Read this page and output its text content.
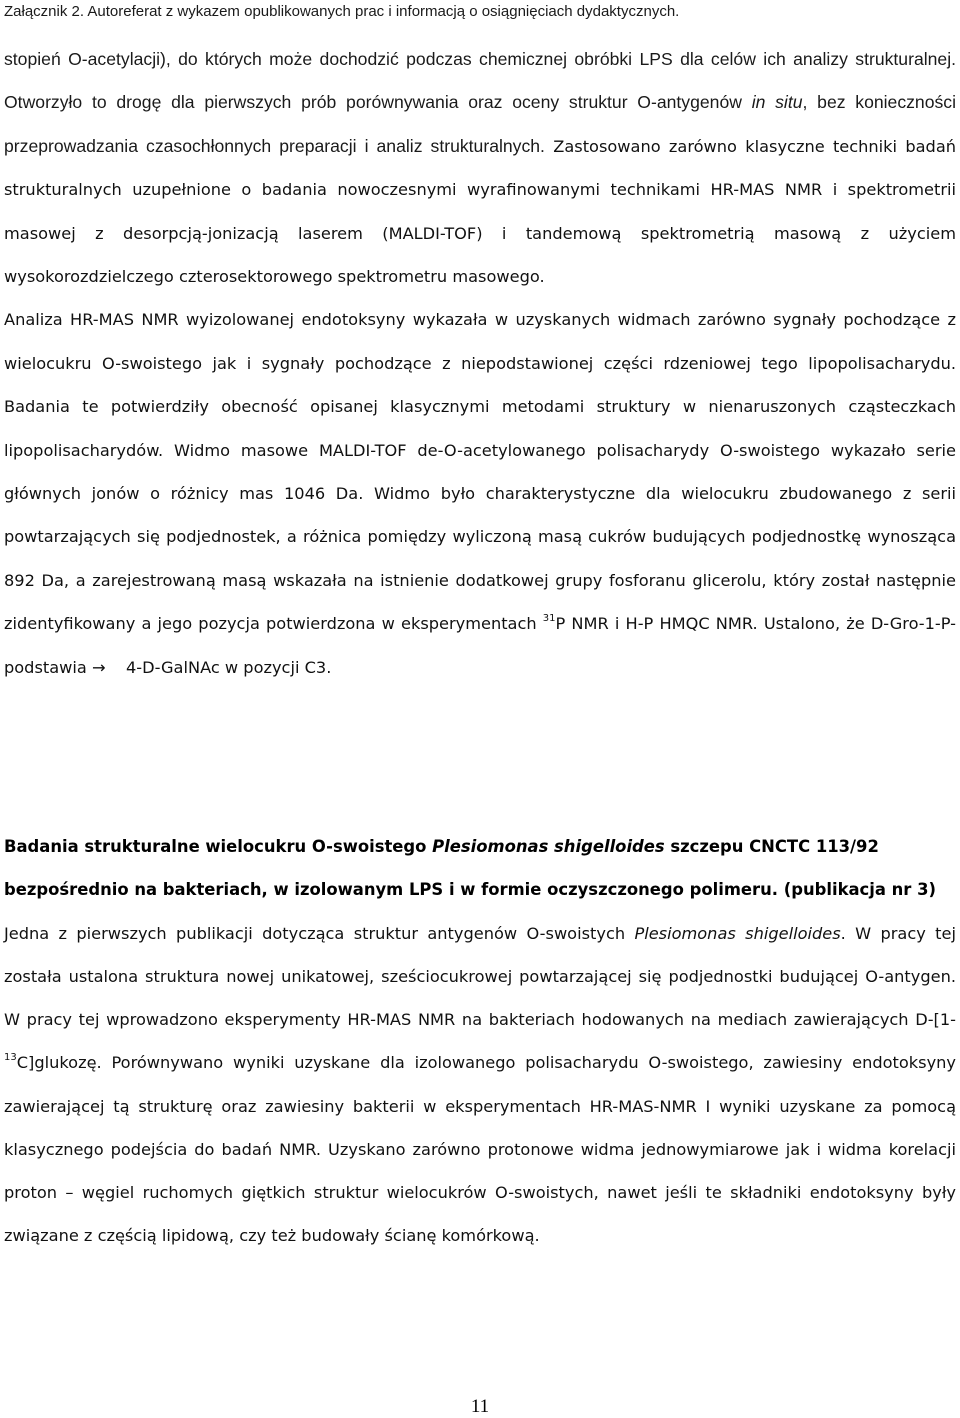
Załącznik 2. Autoreferat z wykazem opublikowanych prac i informacją o osiągnięciach dydaktycznych.

stopień O-acetylacji), do których może dochodzić podczas chemicznej obróbki LPS dla celów ich analizy strukturalnej. Otworzyło to drogę dla pierwszych prób porównywania oraz oceny struktur O-antygenów in situ, bez konieczności przeprowadzania czasochłonnych preparacji i analiz strukturalnych. Zastosowano zarówno klasyczne techniki badań strukturalnych uzupełnione o badania nowoczesnymi wyrafinowanymi technikami HR-MAS NMR i spektrometrii masowej z desorpcją-jonizacją laserem (MALDI-TOF) i tandemową spektrometrią masową z użyciem wysokorozdzielczego czterosektorowego spektrometru masowego.

Analiza HR-MAS NMR wyizolowanej endotoksyny wykazała w uzyskanych widmach zarówno sygnały pochodzące z wielocukru O-swoistego jak i sygnały pochodzące z niepodstawionej części rdzeniowej tego lipopolisacharydu. Badania te potwierdziły obecność opisanej klasycznymi metodami struktury w nienaruszonych cząsteczkach lipopolisacharydów. Widmo masowe MALDI-TOF de-O-acetylowanego polisacharydy O-swoistego wykazało serie głównych jonów o różnicy mas 1046 Da. Widmo było charakterystyczne dla wielocukru zbudowanego z serii powtarzających się podjednostek, a różnica pomiędzy wyliczoną masą cukrów budujących podjednostkę wynosząca 892 Da, a zarejestrowaną masą wskazała na istnienie dodatkowej grupy fosforanu glicerolu, który został następnie zidentyfikowany a jego pozycja potwierdzona w eksperymentach $^{31}$P NMR i H-P HMQC NMR. Ustalono, że D-Gro-1-P- podstawia → 4-D-GalNAc w pozycji C3.

Badania strukturalne wielocukru O-swoistego Plesiomonas shigelloides szczepu CNCTC 113/92 bezpośrednio na bakteriach, w izolowanym LPS i w formie oczyszczonego polimeru. (publikacja nr 3)

Jedna z pierwszych publikacji dotycząca struktur antygenów O-swoistych Plesiomonas shigelloides. W pracy tej została ustalona struktura nowej unikatowej, sześciocukrowej powtarzającej się podjednostki budującej O-antygen. W pracy tej wprowadzono eksperymenty HR-MAS NMR na bakteriach hodowanych na mediach zawierających D-[1-$^{13}$C]glukozę. Porównywano wyniki uzyskane dla izolowanego polisacharydu O-swoistego, zawiesiny endotoksyny zawierającej tą strukturę oraz zawiesiny bakterii w eksperymentach HR-MAS-NMR I wyniki uzyskane za pomocą klasycznego podejścia do badań NMR. Uzyskano zarówno protonowe widma jednowymiarowe jak i widma korelacji proton – węgiel ruchomych giętkich struktur wielocukrów O-swoistych, nawet jeśli te składniki endotoksyny były związane z częścią lipidową, czy też budowały ścianę komórkową.

11
